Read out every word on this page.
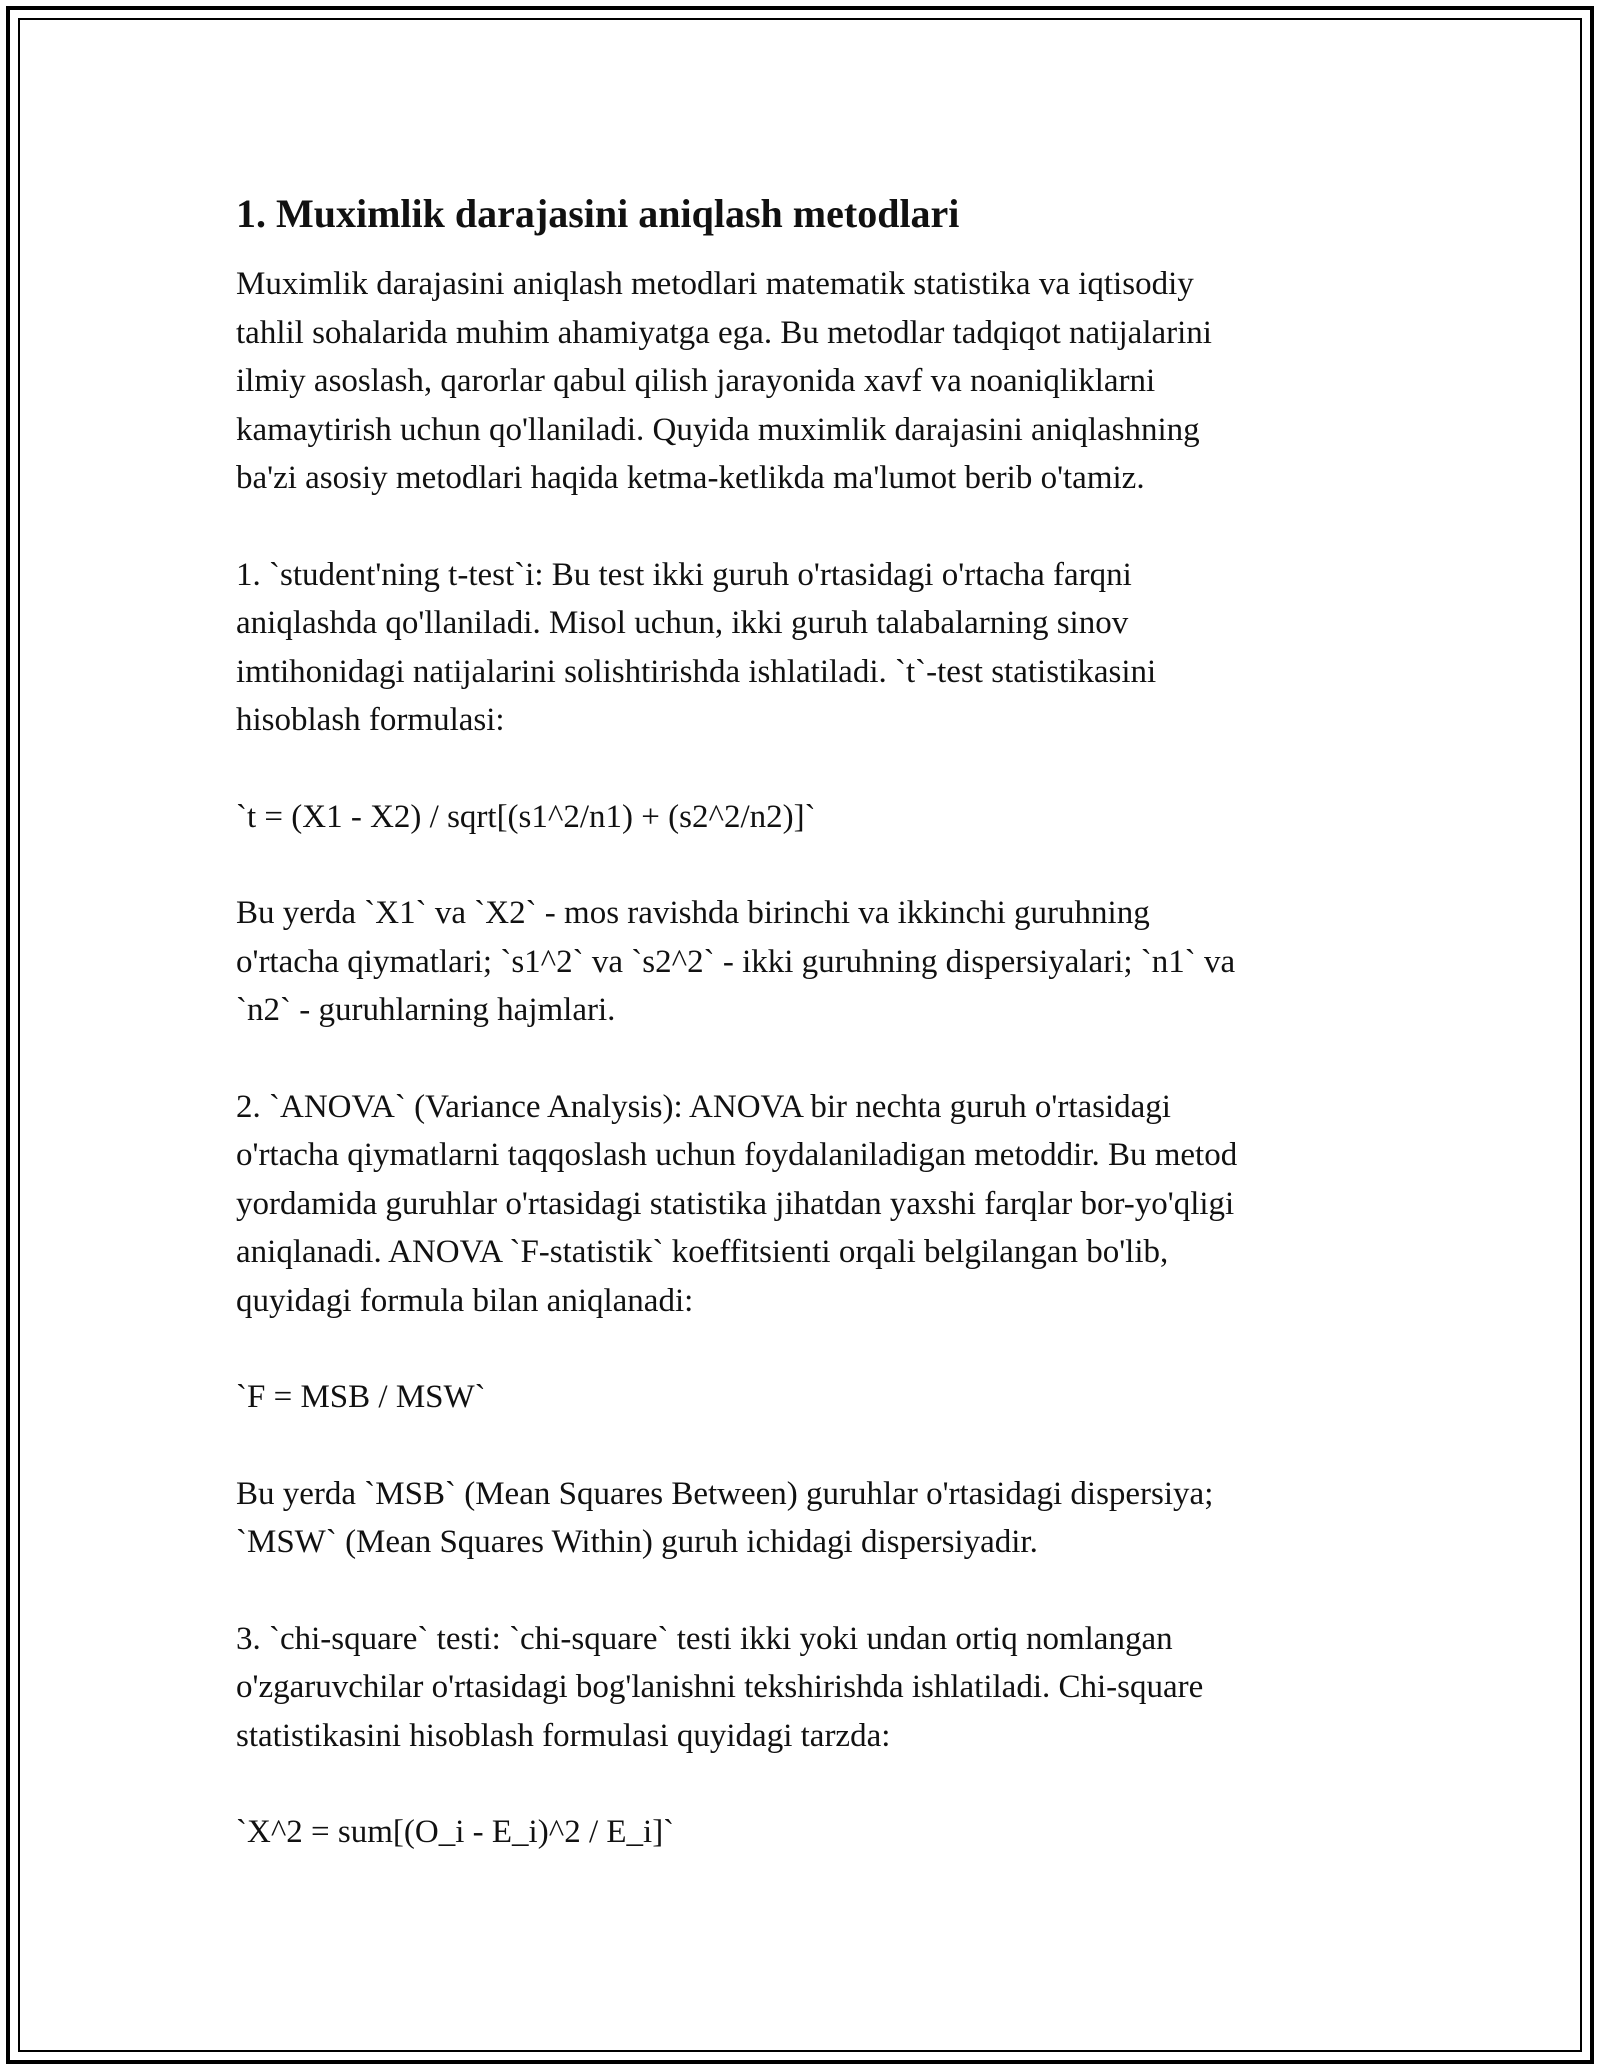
1. Muximlik darajasini aniqlash metodlari
Muximlik darajasini aniqlash metodlari matematik statistika va iqtisodiy
tahlil sohalarida muhim ahamiyatga ega. Bu metodlar tadqiqot natijalarini
ilmiy asoslash, qarorlar qabul qilish jarayonida xavf va noaniqliklarni
kamaytirish uchun qo'llaniladi. Quyida muximlik darajasini aniqlashning
ba'zi asosiy metodlari haqida ketma-ketlikda ma'lumot berib o'tamiz.
1. `student'ning t-test`i: Bu test ikki guruh o'rtasidagi o'rtacha farqni
aniqlashda qo'llaniladi. Misol uchun, ikki guruh talabalarning sinov
imtihonidagi natijalarini solishtirishda ishlatiladi. `t`-test statistikasini
hisoblash formulasi:
`t = (X1 - X2) / sqrt[(s1^2/n1) + (s2^2/n2)]`
Bu yerda `X1` va `X2` - mos ravishda birinchi va ikkinchi guruhning
o'rtacha qiymatlari; `s1^2` va `s2^2` - ikki guruhning dispersiyalari; `n1` va
`n2` - guruhlarning hajmlari.
2. `ANOVA` (Variance Analysis): ANOVA bir nechta guruh o'rtasidagi
o'rtacha qiymatlarni taqqoslash uchun foydalaniladigan metoddir. Bu metod
yordamida guruhlar o'rtasidagi statistika jihatdan yaxshi farqlar bor-yo'qligi
aniqlanadi. ANOVA `F-statistik` koeffitsienti orqali belgilangan bo'lib,
quyidagi formula bilan aniqlanadi:
`F = MSB / MSW`
Bu yerda `MSB` (Mean Squares Between) guruhlar o'rtasidagi dispersiya;
`MSW` (Mean Squares Within) guruh ichidagi dispersiyadir.
3. `chi-square` testi: `chi-square` testi ikki yoki undan ortiq nomlangan
o'zgaruvchilar o'rtasidagi bog'lanishni tekshirishda ishlatiladi. Chi-square
statistikasini hisoblash formulasi quyidagi tarzda:
`X^2 = sum[(O_i - E_i)^2 / E_i]`
